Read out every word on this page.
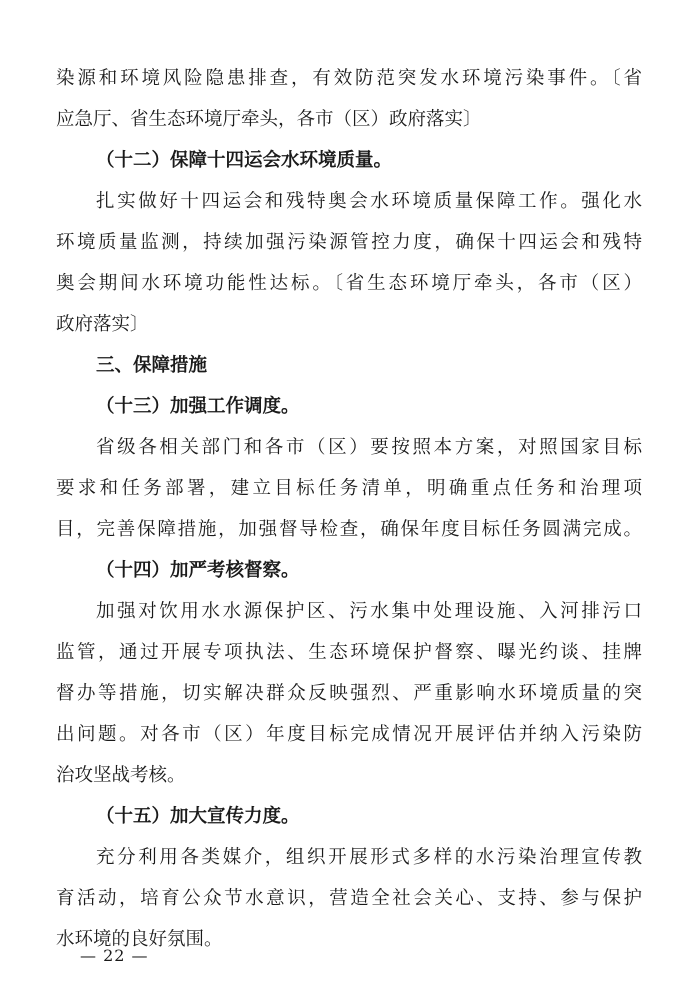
染源和环境风险隐患排查，有效防范突发水环境污染事件。〔省
应急厅、省生态环境厅牵头，各市（区）政府落实〕
（十二）保障十四运会水环境质量。
扎实做好十四运会和残特奥会水环境质量保障工作。强化水
环境质量监测，持续加强污染源管控力度，确保十四运会和残特
奥会期间水环境功能性达标。〔省生态环境厅牵头，各市（区）
政府落实〕
三、保障措施
（十三）加强工作调度。
省级各相关部门和各市（区）要按照本方案，对照国家目标
要求和任务部署，建立目标任务清单，明确重点任务和治理项
目，完善保障措施，加强督导检查，确保年度目标任务圆满完成。
（十四）加严考核督察。
加强对饮用水水源保护区、污水集中处理设施、入河排污口
监管，通过开展专项执法、生态环境保护督察、曝光约谈、挂牌
督办等措施，切实解决群众反映强烈、严重影响水环境质量的突
出问题。对各市（区）年度目标完成情况开展评估并纳入污染防
治攻坚战考核。
（十五）加大宣传力度。
充分利用各类媒介，组织开展形式多样的水污染治理宣传教
育活动，培育公众节水意识，营造全社会关心、支持、参与保护
水环境的良好氛围。
— 22 —
